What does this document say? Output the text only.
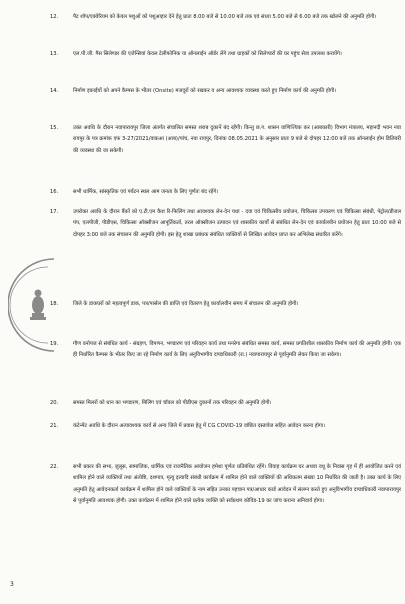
12.	पैट शॉप/एक्वेरियम को केवल पशुओं को पशुआहार देने हेतु प्रातः 8.00 बजे से 10.00 बजे तक एवं संध्या 5.00 बजे से 6.00 बजे तक खोलने की अनुमति होगी।
13.	एल.पी.जी. गैस सिलेण्डर की एजेन्सियां केवल टेलीफोनिक या ऑनलाईन ऑर्डर लेंगे तथा ग्राहकों को सिलेण्डरों की घर पहुंच सेवा उपलब्ध करायेंगे।
14.	निर्माण इकाईयों को अपने कैम्पस के भीतर (Onsite) मजदूरों को रखकर व अन्य आवश्यक व्यवस्था करते हुए निर्माण कार्य की अनुमति होगी।
15.	उक्त अवधि के दौरान नवापारायपुर जिला अंतर्गत संचालित समस्त शराब दुकानें बंद रहेंगी। किन्तु छ.ग. शासन वाणिज्यिक कर (आबकारी) विभाग मंत्रालय, महानदी भवन नवा रायपुर के पत्र क्रमांक एफ 3-27/2021/वाकआ (आब)/पांच, नवा रायपुर, दिनांक 08.05.2021 के अनुसार प्रातः 9 बजे से दोपहर 12:00 बजे तक ऑनलाईन होम डिलिवरी की व्यवस्था की जा सकेगी।
16.	सभी धार्मिक, सांस्कृतिक एवं पर्यटन स्थल आम जनता के लिए पूर्णतः बंद रहेंगे।
17.	उपरोक्त अवधि के दौरान बैंकों को ए.टी.एम कैश रि-फिलिंग तथा आवश्यक लेन-देन यथा - दवा एवं चिकित्सीय प्रयोजन, चिकित्सा उपकरण एवं चिकित्सा संबंधी, पेट्रोल/डीजल पंप, एलपीजी, पीडीएस, चिकित्सा ऑक्सीजन आपूर्तिकर्ता, तरल ऑक्सीजन उत्पादन एवं शासकीय कार्यों से संबंधित लेन-देन एवं कार्यालयीन प्रयोजन हेतु प्रातः 10:00 बजे से दोपहर 3:00 बजे तक संचालन की अनुमति होगी। इस हेतु शाखा प्रबंधक संबंधित व्यक्तियों से लिखित आवेदन प्राप्त कर अभिलेख संधारित करेंगे।
18.	जिले के डाकघरों को महत्वपूर्ण डाक, पत्र/पार्सल की प्राप्ति एवं वितरण हेतु कार्यालयीन समय में संचालन की अनुमति होगी।
19.	गौण वनोपज से संबंधित कार्य - संग्रहण, विपणन, भण्डारण एवं परिवहन कार्य तथा मनरेगा संबंधित समस्त कार्य, समस्त प्रगतिशील शासकीय निर्माण कार्य की अनुमति होगी। एक ही निर्धारित कैम्पस के भीतर किए जा रहे निर्माण कार्य के लिए अनुविभागीय दण्डाधिकारी (रा.) नवापारायपुर से पूर्वानुमति लेकर किया जा सकेगा।
20.	समस्त मिलरों को धान का भण्डारण, मिलिंग एवं चॉवल को पीडीएस दुकानों तक परिवहन की अनुमति होगी।
21.	कंटेन्मेंट अवधि के दौरान अत्यावश्यक कार्य से अन्य जिले में प्रवास हेतु में CG COVID-19 वांछित दस्तावेज सहित आवेदन करना होगा।
22.	सभी प्रकार की सभा, जुलूस, सामाजिक, धार्मिक एवं राजनैतिक आयोजन हमेशा पूर्णतः प्रतिबंधित रहेंगे। विवाह कार्यक्रम घर अथवा वधू के निवास गृह में ही आयोजित करने एवं शामिल होने वाले व्यक्तियों तथा अंत्येष्टि, दशगात्र, मृत्यु इत्यादि संबंधी कार्यक्रम में शामिल होने वाले व्यक्तियों की अधिकतम संख्या 10 निर्धारित की जाती है। उक्त कार्य के लिए अनुमति हेतु आवेदनकर्ता कार्यक्रम में शामिल होने वाले व्यक्तियों के नाम सहित उनका पहचान पत्र/आधार कार्ड आवेदन में संलग्न करते हुए अनुविभागीय दण्डाधिकारी नवापारायपुर से पूर्वानुमति आवश्यक होगी। उक्त कार्यक्रम में शामिल होने वाले प्रत्येक व्यक्ति को सर्वप्रथम कोविड-19 का जांच कराना अनिवार्य होगा।
3
